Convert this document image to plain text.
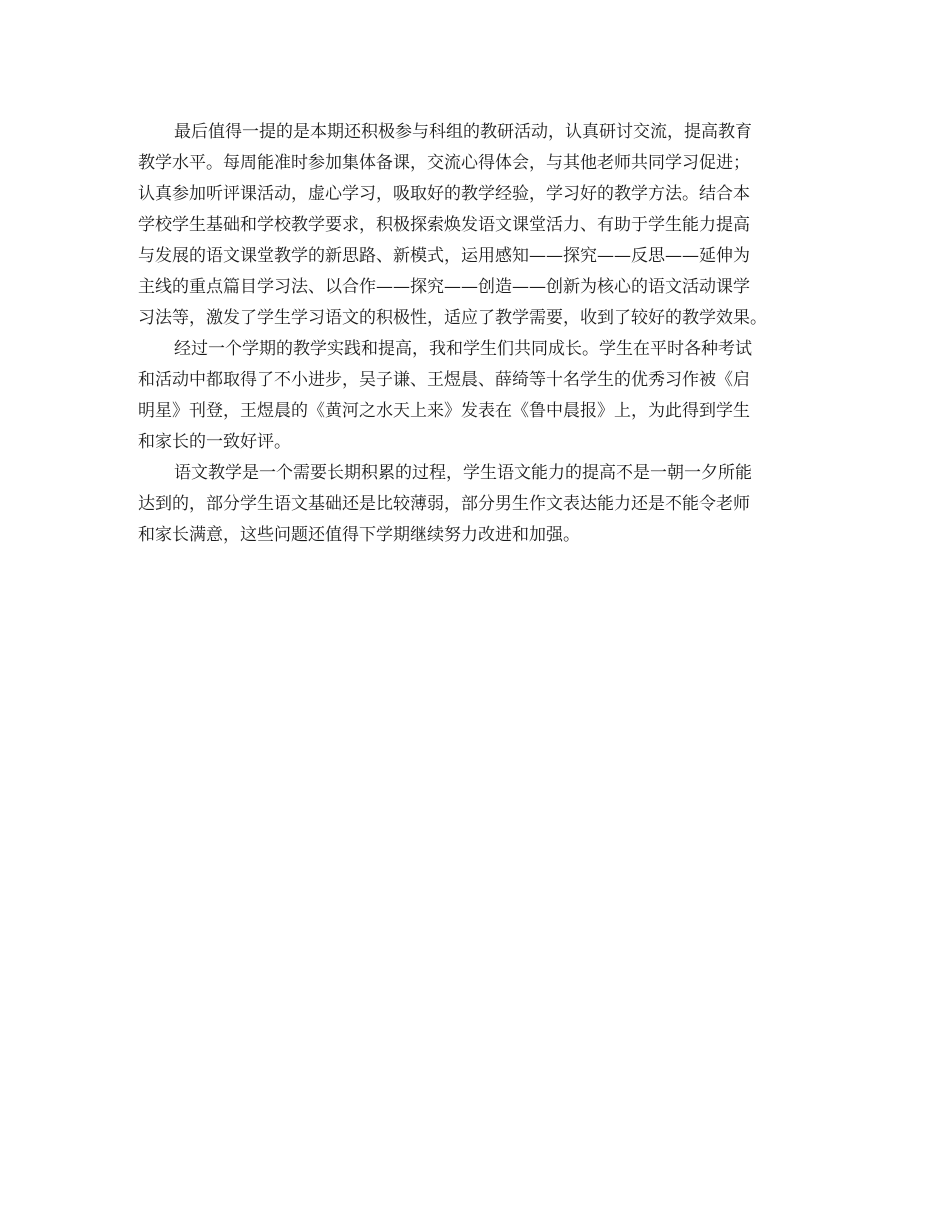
最后值得一提的是本期还积极参与科组的教研活动，认真研讨交流，提高教育
教学水平。每周能准时参加集体备课，交流心得体会，与其他老师共同学习促进；
认真参加听评课活动，虚心学习，吸取好的教学经验，学习好的教学方法。结合本
学校学生基础和学校教学要求，积极探索焕发语文课堂活力、有助于学生能力提高
与发展的语文课堂教学的新思路、新模式，运用感知——探究——反思——延伸为
主线的重点篇目学习法、以合作——探究——创造——创新为核心的语文活动课学
习法等，激发了学生学习语文的积极性，适应了教学需要，收到了较好的教学效果。

经过一个学期的教学实践和提高，我和学生们共同成长。学生在平时各种考试
和活动中都取得了不小进步，吴子谦、王煜晨、薛绮等十名学生的优秀习作被《启
明星》刊登，王煜晨的《黄河之水天上来》发表在《鲁中晨报》上，为此得到学生
和家长的一致好评。

语文教学是一个需要长期积累的过程，学生语文能力的提高不是一朝一夕所能
达到的，部分学生语文基础还是比较薄弱，部分男生作文表达能力还是不能令老师
和家长满意，这些问题还值得下学期继续努力改进和加强。
